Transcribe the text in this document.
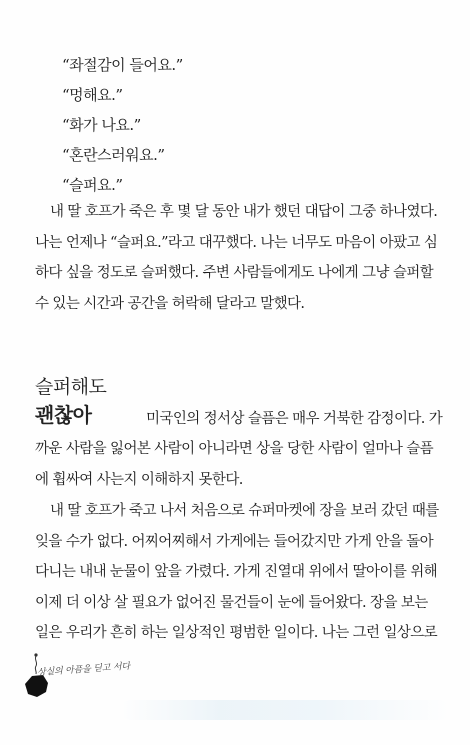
“좌절감이 들어요.”
“멍해요.”
“화가 나요.”
“혼란스러워요.”
“슬퍼요.”

내 딸 호프가 죽은 후 몇 달 동안 내가 했던 대답이 그중 하나였다.
나는 언제나 “슬퍼요.”라고 대꾸했다. 나는 너무도 마음이 아팠고 심
하다 싶을 정도로 슬퍼했다. 주변 사람들에게도 나에게 그냥 슬퍼할
수 있는 시간과 공간을 허락해 달라고 말했다.

슬퍼해도
괜찮아	미국인의 정서상 슬픔은 매우 거북한 감정이다. 가

까운 사람을 잃어본 사람이 아니라면 상을 당한 사람이 얼마나 슬픔
에 휩싸여 사는지 이해하지 못한다.

내 딸 호프가 죽고 나서 처음으로 슈퍼마켓에 장을 보러 갔던 때를
잊을 수가 없다. 어찌어찌해서 가게에는 들어갔지만 가게 안을 돌아
다니는 내내 눈물이 앞을 가렸다. 가게 진열대 위에서 딸아이를 위해
이제 더 이상 살 필요가 없어진 물건들이 눈에 들어왔다. 장을 보는
일은 우리가 흔히 하는 일상적인 평범한 일이다. 나는 그런 일상으로

상실의 아픔을 딛고 서다
